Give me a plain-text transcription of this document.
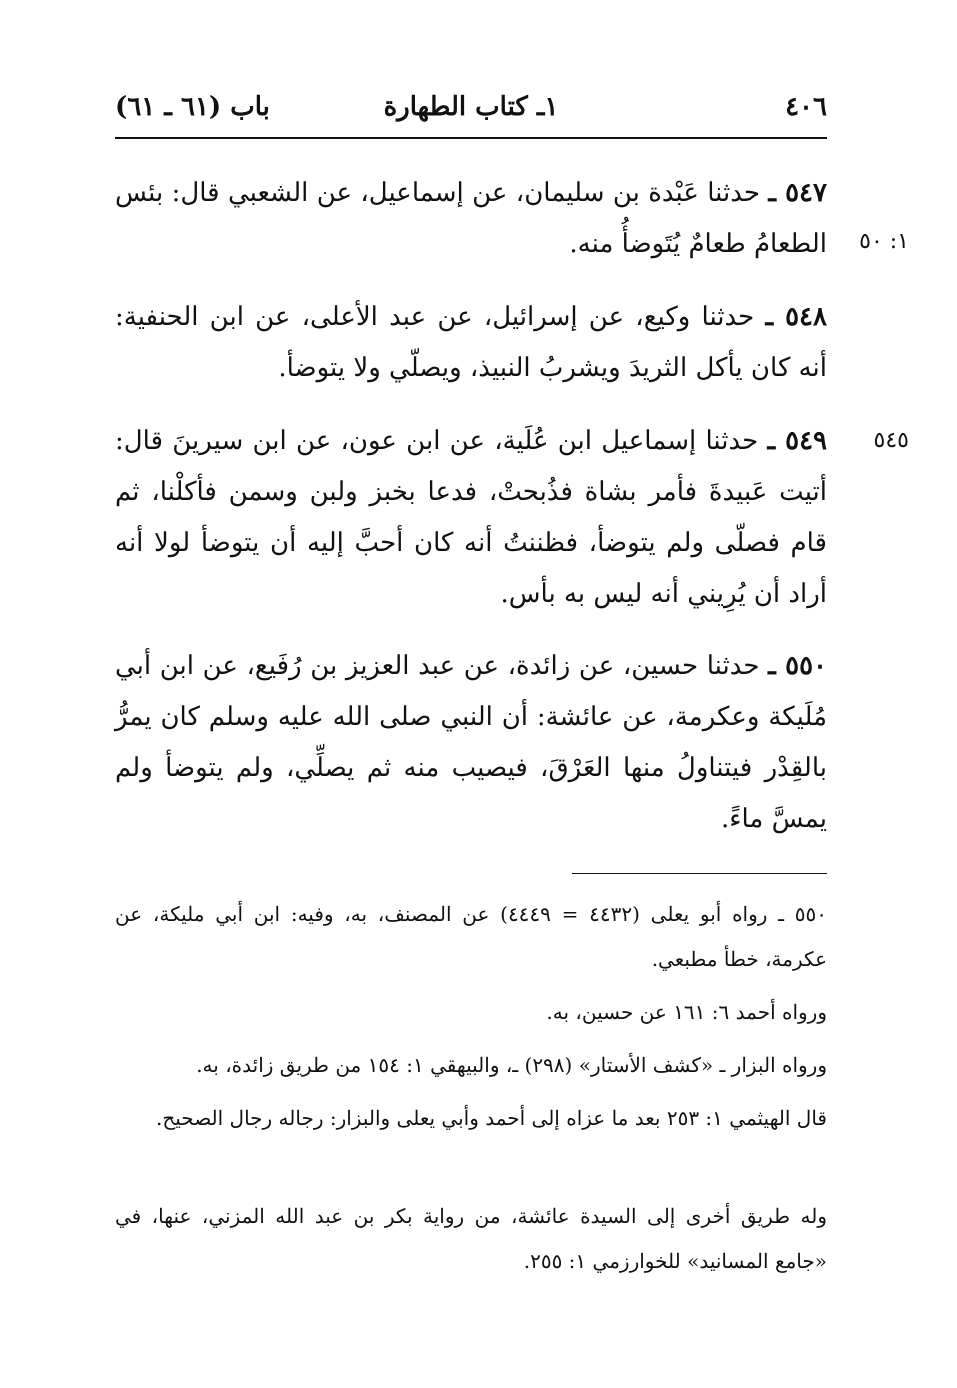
٤٠٦
١ـ كتاب الطهارة
باب (٦١ ـ ٦١)
٥٤٧ ـ حدثنا عَبْدة بن سليمان، عن إسماعيل، عن الشعبي قال: بئس الطعامُ طعامٌ يُتَوضأُ منه. ١: ٥٠
٥٤٨ ـ حدثنا وكيع، عن إسرائيل، عن عبد الأعلى، عن ابن الحنفية: أنه كان يأكل الثريدَ ويشربُ النبيذ، ويصلّي ولا يتوضأ.
٥٤٩ ـ حدثنا إسماعيل ابن عُلَية، عن ابن عون، عن ابن سيرينَ قال: أتيت عَبيدةَ فأمر بشاة فذُبحتْ، فدعا بخبز ولبن وسمن فأكلْنا، ثم قام فصلّى ولم يتوضأ، فظننتُ أنه كان أحبَّ إليه أن يتوضأ لولا أنه أراد أن يُرِيني أنه ليس به بأس.
٥٤٥
٥٥٠ ـ حدثنا حسين، عن زائدة، عن عبد العزيز بن رُفَيع، عن ابن أبي مُلَيكة وعكرمة، عن عائشة: أن النبي صلى الله عليه وسلم كان يمرُّ بالقِدْر فيتناولُ منها العَرْقَ، فيصيب منه ثم يصلِّي، ولم يتوضأ ولم يمسَّ ماءً.
٥٥٠ ـ رواه أبو يعلى (٤٤٣٢ = ٤٤٤٩) عن المصنف، به، وفيه: ابن أبي مليكة، عن عكرمة، خطأ مطبعي.
ورواه أحمد ٦: ١٦١ عن حسين، به.
ورواه البزار ـ «كشف الأستار» (٢٩٨) ـ، والبيهقي ١: ١٥٤ من طريق زائدة، به.
قال الهيثمي ١: ٢٥٣ بعد ما عزاه إلى أحمد وأبي يعلى والبزار: رجاله رجال الصحيح.
وله طريق أخرى إلى السيدة عائشة، من رواية بكر بن عبد الله المزني، عنها، في «جامع المسانيد» للخوارزمي ١: ٢٥٥.
